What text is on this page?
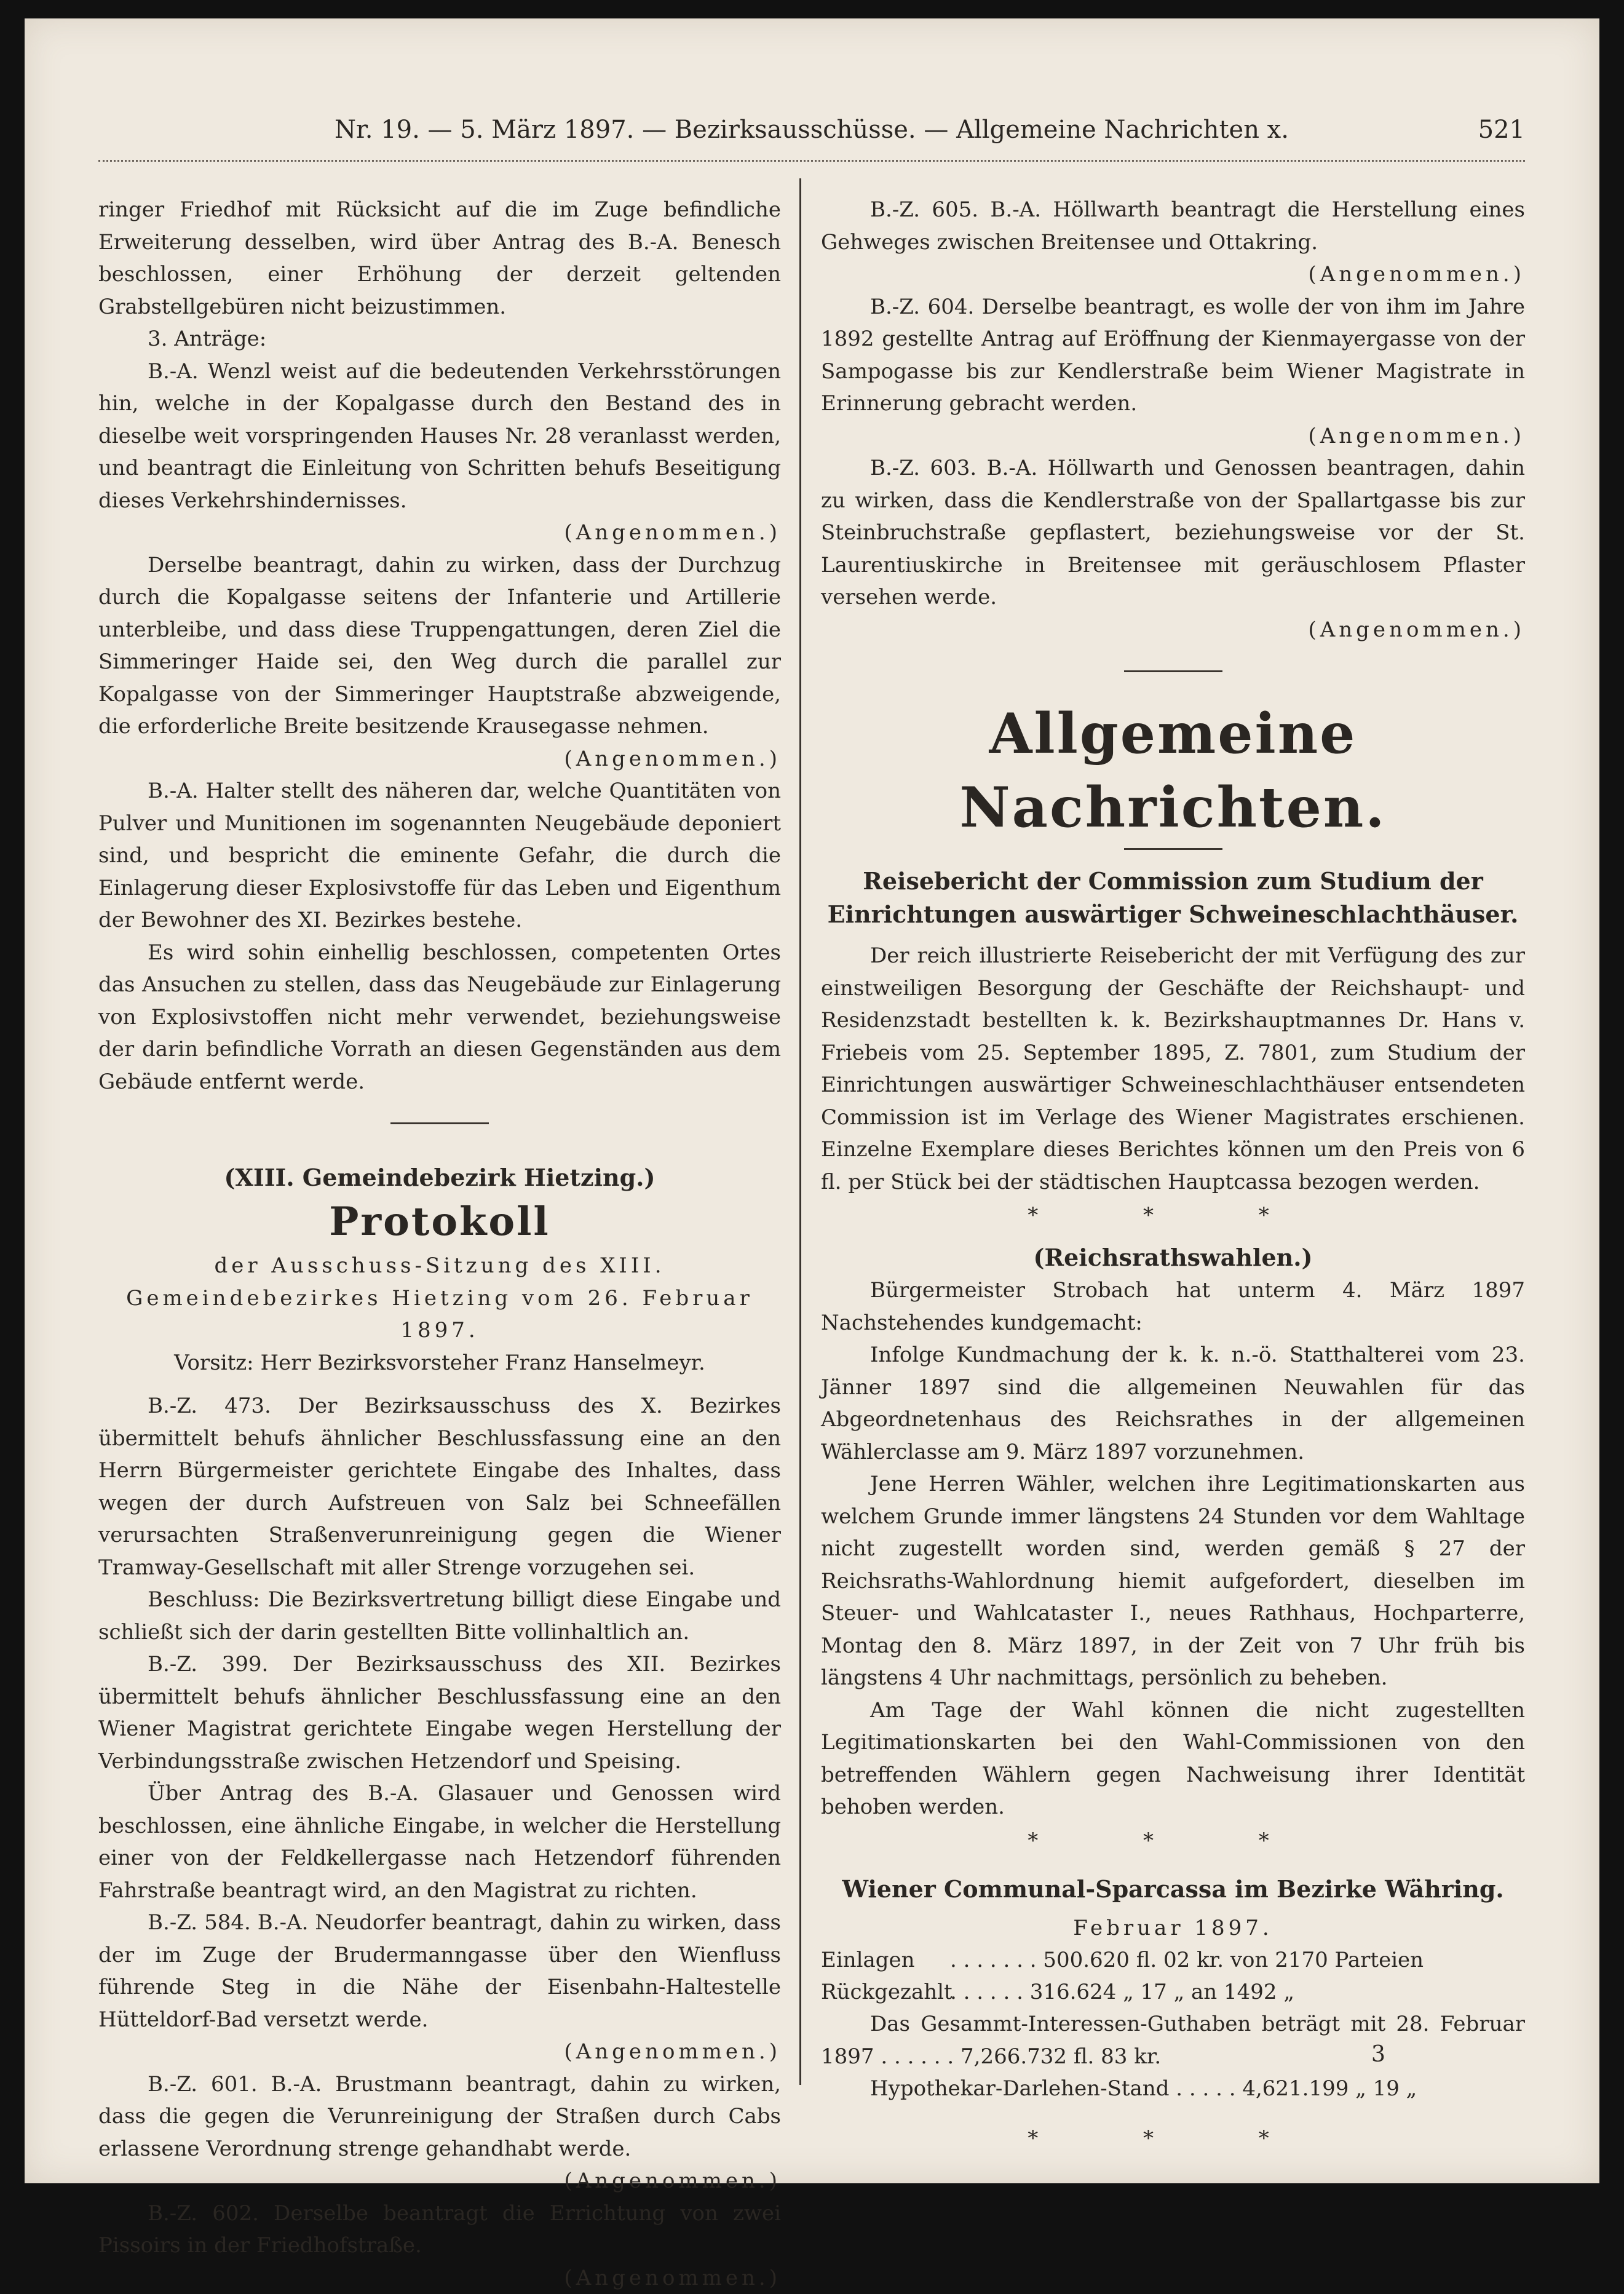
Nr. 19. — 5. März 1897. — Bezirksausschüsse. — Allgemeine Nachrichten x.	521

ringer Friedhof mit Rücksicht auf die im Zuge befindliche Erweiterung desselben, wird über Antrag des B.-A. Benesch beschlossen, einer Erhöhung der derzeit geltenden Grabstellgebüren nicht beizustimmen.

3. Anträge:

B.-A. Wenzl weist auf die bedeutenden Verkehrsstörungen hin, welche in der Kopalgasse durch den Bestand des in dieselbe weit vorspringenden Hauses Nr. 28 veranlasst werden, und beantragt die Einleitung von Schritten behufs Beseitigung dieses Verkehrshindernisses.

(Angenommen.)

Derselbe beantragt, dahin zu wirken, dass der Durchzug durch die Kopalgasse seitens der Infanterie und Artillerie unterbleibe, und dass diese Truppengattungen, deren Ziel die Simmeringer Haide sei, den Weg durch die parallel zur Kopalgasse von der Simmeringer Hauptstraße abzweigende, die erforderliche Breite besitzende Krausegasse nehmen.

(Angenommen.)

B.-A. Halter stellt des näheren dar, welche Quantitäten von Pulver und Munitionen im sogenannten Neugebäude deponiert sind, und bespricht die eminente Gefahr, die durch die Einlagerung dieser Explosivstoffe für das Leben und Eigenthum der Bewohner des XI. Bezirkes bestehe.

Es wird sohin einhellig beschlossen, competenten Ortes das Ansuchen zu stellen, dass das Neugebäude zur Einlagerung von Explosivstoffen nicht mehr verwendet, beziehungsweise der darin befindliche Vorrath an diesen Gegenständen aus dem Gebäude entfernt werde.

(XIII. Gemeindebezirk Hietzing.)
Protokoll

der Ausschuss-Sitzung des XIII. Gemeindebezirkes Hietzing vom 26. Februar 1897.

Vorsitz: Herr Bezirksvorsteher Franz Hanselmeyr.

B.-Z. 473. Der Bezirksausschuss des X. Bezirkes übermittelt behufs ähnlicher Beschlussfassung eine an den Herrn Bürgermeister gerichtete Eingabe des Inhaltes, dass wegen der durch Aufstreuen von Salz bei Schneefällen verursachten Straßenverunreinigung gegen die Wiener Tramway-Gesellschaft mit aller Strenge vorzugehen sei.

Beschluss: Die Bezirksvertretung billigt diese Eingabe und schließt sich der darin gestellten Bitte vollinhaltlich an.

B.-Z. 399. Der Bezirksausschuss des XII. Bezirkes übermittelt behufs ähnlicher Beschlussfassung eine an den Wiener Magistrat gerichtete Eingabe wegen Herstellung der Verbindungsstraße zwischen Hetzendorf und Speising.

Über Antrag des B.-A. Glasauer und Genossen wird beschlossen, eine ähnliche Eingabe, in welcher die Herstellung einer von der Feldkellergasse nach Hetzendorf führenden Fahrstraße beantragt wird, an den Magistrat zu richten.

B.-Z. 584. B.-A. Neudorfer beantragt, dahin zu wirken, dass der im Zuge der Brudermanngasse über den Wienfluss führende Steg in die Nähe der Eisenbahn-Haltestelle Hütteldorf-Bad versetzt werde.

(Angenommen.)

B.-Z. 601. B.-A. Brustmann beantragt, dahin zu wirken, dass die gegen die Verunreinigung der Straßen durch Cabs erlassene Verordnung strenge gehandhabt werde.

(Angenommen.)

B.-Z. 602. Derselbe beantragt die Errichtung von zwei Pissoirs in der Friedhofstraße.

(Angenommen.)

B.-Z. 605. B.-A. Höllwarth beantragt die Herstellung eines Gehweges zwischen Breitensee und Ottakring.

(Angenommen.)

B.-Z. 604. Derselbe beantragt, es wolle der von ihm im Jahre 1892 gestellte Antrag auf Eröffnung der Kienmayergasse von der Sampogasse bis zur Kendlerstraße beim Wiener Magistrate in Erinnerung gebracht werden.

(Angenommen.)

B.-Z. 603. B.-A. Höllwarth und Genossen beantragen, dahin zu wirken, dass die Kendlerstraße von der Spallartgasse bis zur Steinbruchstraße gepflastert, beziehungsweise vor der St. Laurentiuskirche in Breitensee mit geräuschlosem Pflaster versehen werde.

(Angenommen.)

Allgemeine Nachrichten.
Reisebericht der Commission zum Studium der Einrichtungen auswärtiger Schweineschlachthäuser.

Der reich illustrierte Reisebericht der mit Verfügung des zur einstweiligen Besorgung der Geschäfte der Reichshaupt- und Residenzstadt bestellten k. k. Bezirkshauptmannes Dr. Hans v. Friebeis vom 25. September 1895, Z. 7801, zum Studium der Einrichtungen auswärtiger Schweineschlachthäuser entsendeten Commission ist im Verlage des Wiener Magistrates erschienen. Einzelne Exemplare dieses Berichtes können um den Preis von 6 fl. per Stück bei der städtischen Hauptcassa bezogen werden.

* * *
(Reichsrathswahlen.)

Bürgermeister Strobach hat unterm 4. März 1897 Nachstehendes kundgemacht:

Infolge Kundmachung der k. k. n.-ö. Statthalterei vom 23. Jänner 1897 sind die allgemeinen Neuwahlen für das Abgeordnetenhaus des Reichsrathes in der allgemeinen Wählerclasse am 9. März 1897 vorzunehmen.

Jene Herren Wähler, welchen ihre Legitimationskarten aus welchem Grunde immer längstens 24 Stunden vor dem Wahltage nicht zugestellt worden sind, werden gemäß § 27 der Reichsraths-Wahlordnung hiemit aufgefordert, dieselben im Steuer- und Wahlcataster I., neues Rathhaus, Hochparterre, Montag den 8. März 1897, in der Zeit von 7 Uhr früh bis längstens 4 Uhr nachmittags, persönlich zu beheben.

Am Tage der Wahl können die nicht zugestellten Legitimationskarten bei den Wahl-Commissionen von den betreffenden Wählern gegen Nachweisung ihrer Identität behoben werden.

* * *
Wiener Communal-Sparcassa im Bezirke Währing.

Februar 1897.

Einlagen	. . . . . . . 500.620 fl. 02 kr. von 2170 Parteien
Rückgezahlt
. . . . . . 316.624 „ 17 „ an 1492 „

Das Gesammt-Interessen-Guthaben beträgt mit 28. Februar 1897 . . . . . . 7,266.732 fl. 83 kr.

Hypothekar-Darlehen-Stand . . . . . 4,621.199 „ 19 „

* * *
3
